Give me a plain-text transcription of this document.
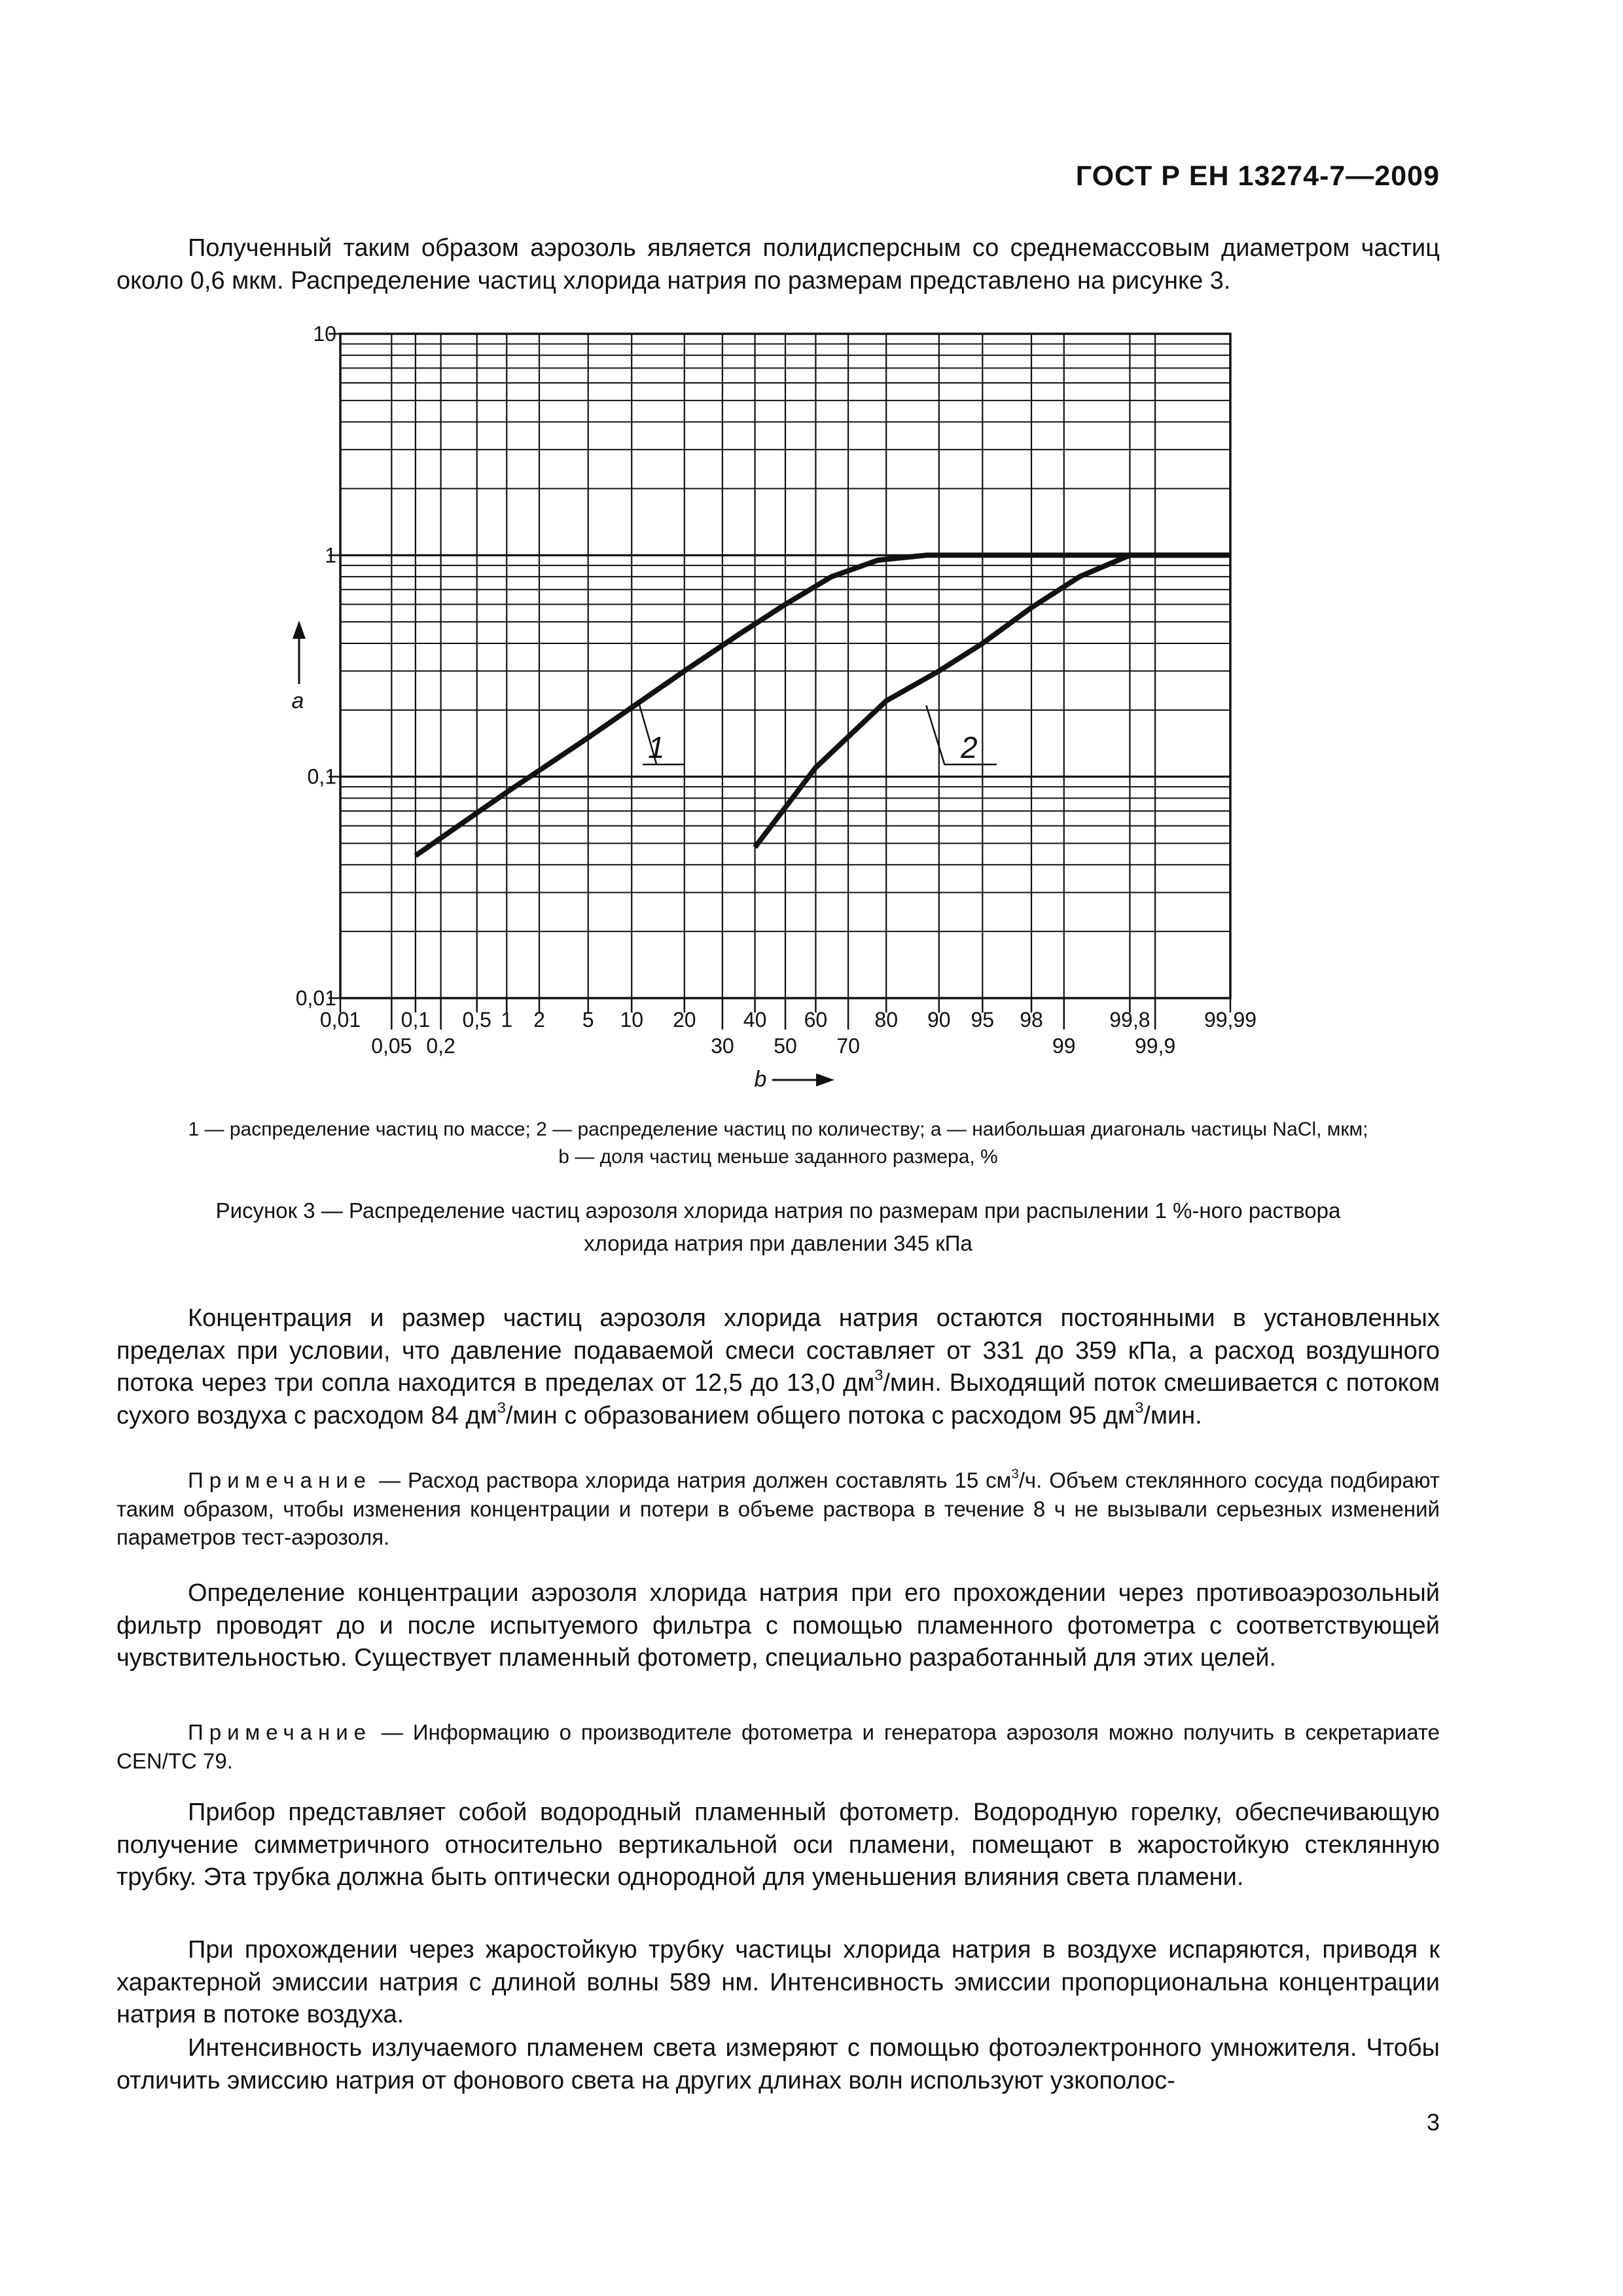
ГОСТ Р ЕН 13274-7—2009

Полученный таким образом аэрозоль является полидисперсным со среднемассовым диаметром частиц около 0,6 мкм. Распределение частиц хлорида натрия по размерам представлено на рисунке 3.

1	2
10
1
0,1
0,01
0,01 0,1 0,5 1 2 5 10 20 40 60 80 90 95 98	99,8	99,99
0,05 0,2	30 50 70	99	99,9
a
b
1 — распределение частиц по массе; 2 — распределение частиц по количеству; a — наибольшая диагональ частицы NaCl, мкм;
b — доля частиц меньше заданного размера, %
Рисунок 3 — Распределение частиц аэрозоля хлорида натрия по размерам при распылении 1 %-ного раствора
хлорида натрия при давлении 345 кПа

Концентрация и размер частиц аэрозоля хлорида натрия остаются постоянными в установленных пределах при условии, что давление подаваемой смеси составляет от 331 до 359 кПа, а расход воздушного потока через три сопла находится в пределах от 12,5 до 13,0 $дм^3$/мин. Выходящий поток смешивается с потоком сухого воздуха с расходом 84 $дм^3$/мин с образованием общего потока с расходом 95 $дм^3$/мин.

Примечание — Расход раствора хлорида натрия должен составлять 15 $см^3/ч$. Объем стеклянного сосуда подбирают таким образом, чтобы изменения концентрации и потери в объеме раствора в течение 8 ч не вызывали серьезных изменений параметров тест-аэрозоля.

Определение концентрации аэрозоля хлорида натрия при его прохождении через противоаэрозольный фильтр проводят до и после испытуемого фильтра с помощью пламенного фотометра с соответствующей чувствительностью. Существует пламенный фотометр, специально разработанный для этих целей.

Примечание — Информацию о производителе фотометра и генератора аэрозоля можно получить в секретариате CEN/TC 79.

Прибор представляет собой водородный пламенный фотометр. Водородную горелку, обеспечивающую получение симметричного относительно вертикальной оси пламени, помещают в жаростойкую стеклянную трубку. Эта трубка должна быть оптически однородной для уменьшения влияния света пламени.

При прохождении через жаростойкую трубку частицы хлорида натрия в воздухе испаряются, приводя к характерной эмиссии натрия с длиной волны 589 нм. Интенсивность эмиссии пропорциональна концентрации натрия в потоке воздуха.

Интенсивность излучаемого пламенем света измеряют с помощью фотоэлектронного умножителя. Чтобы отличить эмиссию натрия от фонового света на других длинах волн используют узкополос-

3
